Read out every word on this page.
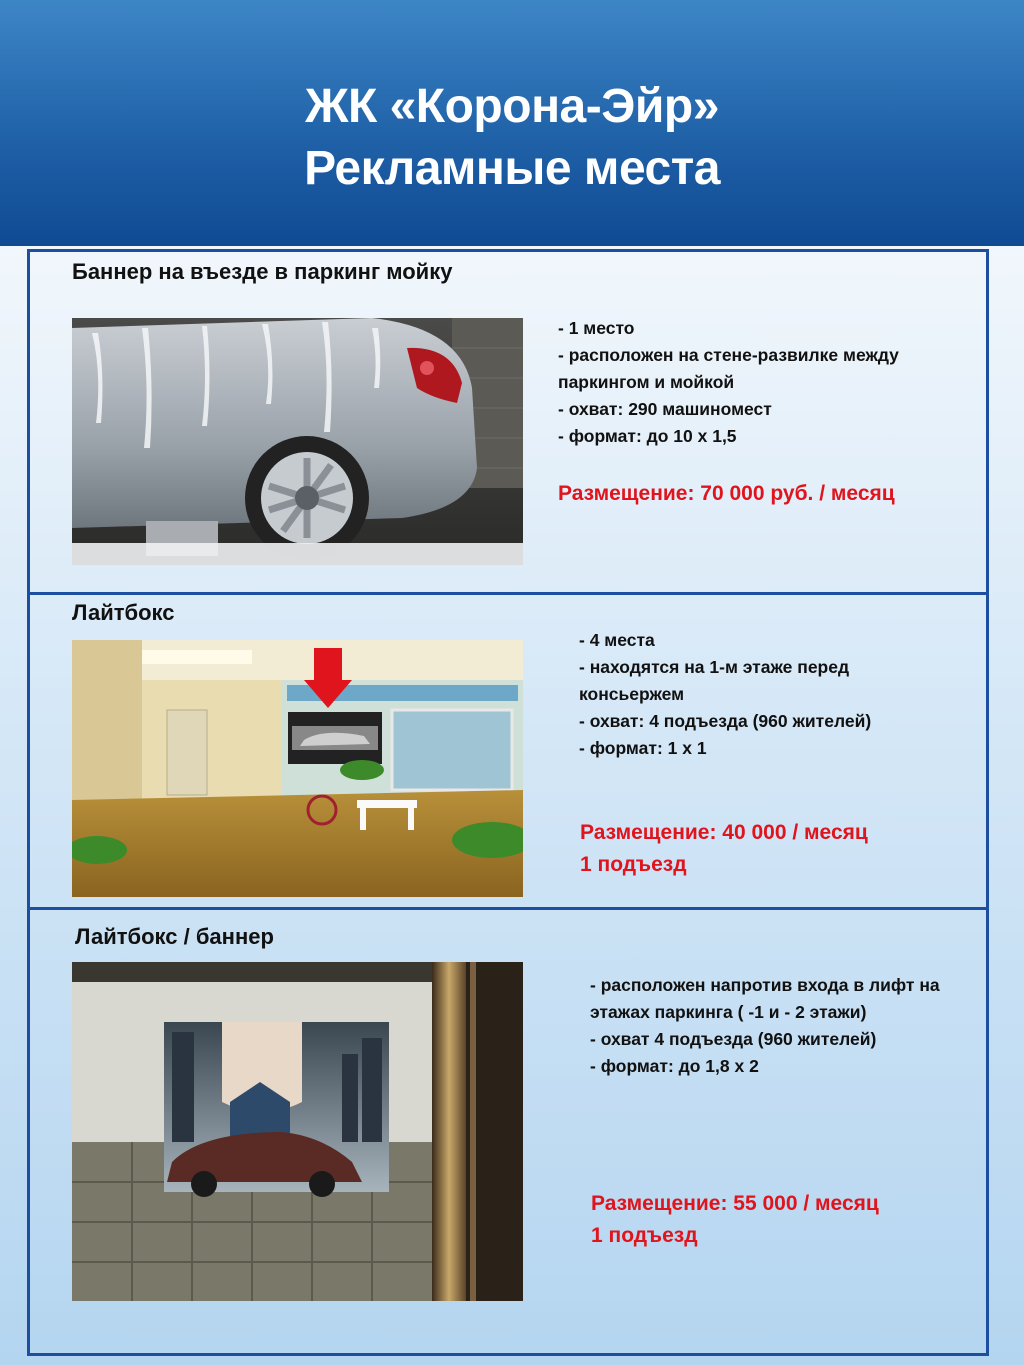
ЖК «Корона-Эйр»
Рекламные места
Баннер на въезде в паркинг мойку
- 1 место
- расположен на стене-развилке между
паркингом и мойкой
- охват: 290 машиномест
- формат: до 10 х 1,5
Размещение: 70 000 руб. / месяц
Лайтбокс
- 4 места
- находятся на 1-м этаже перед
консьержем
- охват: 4 подъезда (960 жителей)
- формат: 1 х 1
Размещение: 40 000 / месяц
1 подъезд
Лайтбокс / баннер
- расположен напротив входа в лифт на
этажах паркинга ( -1 и - 2 этажи)
- охват 4 подъезда (960 жителей)
- формат: до 1,8 х 2
Размещение: 55 000 / месяц
1 подъезд
